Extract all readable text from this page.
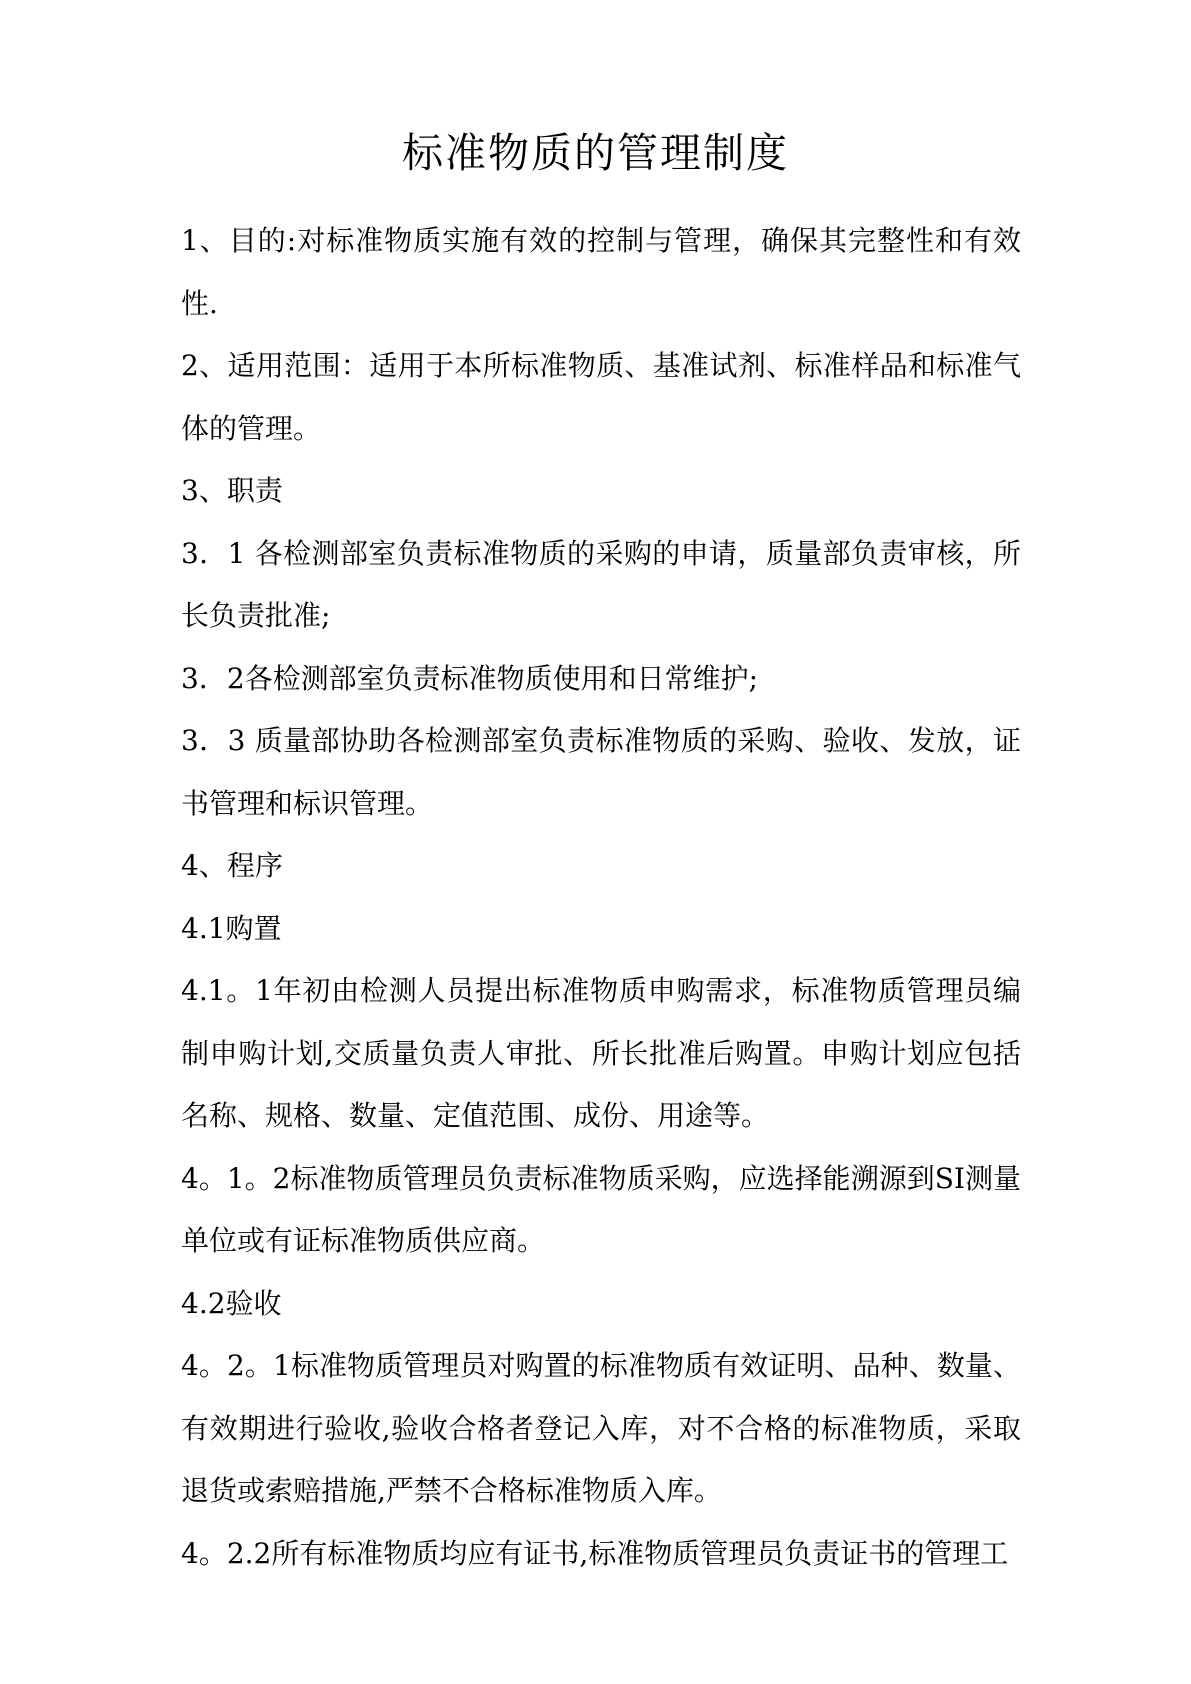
标准物质的管理制度

1、目的:对标准物质实施有效的控制与管理，确保其完整性和有效性.

2、适用范围：适用于本所标准物质、基准试剂、标准样品和标准气体的管理。

3、职责

3．1 各检测部室负责标准物质的采购的申请，质量部负责审核，所长负责批准;

3．2各检测部室负责标准物质使用和日常维护;

3．3 质量部协助各检测部室负责标准物质的采购、验收、发放，证书管理和标识管理。

4、程序

4.1购置

4.1。1年初由检测人员提出标准物质申购需求，标准物质管理员编制申购计划,交质量负责人审批、所长批准后购置。申购计划应包括名称、规格、数量、定值范围、成份、用途等。

4。1。2标准物质管理员负责标准物质采购，应选择能溯源到SI测量单位或有证标准物质供应商。

4.2验收

4。2。1标准物质管理员对购置的标准物质有效证明、品种、数量、有效期进行验收,验收合格者登记入库，对不合格的标准物质，采取退货或索赔措施,严禁不合格标准物质入库。

4。2.2所有标准物质均应有证书,标准物质管理员负责证书的管理工
